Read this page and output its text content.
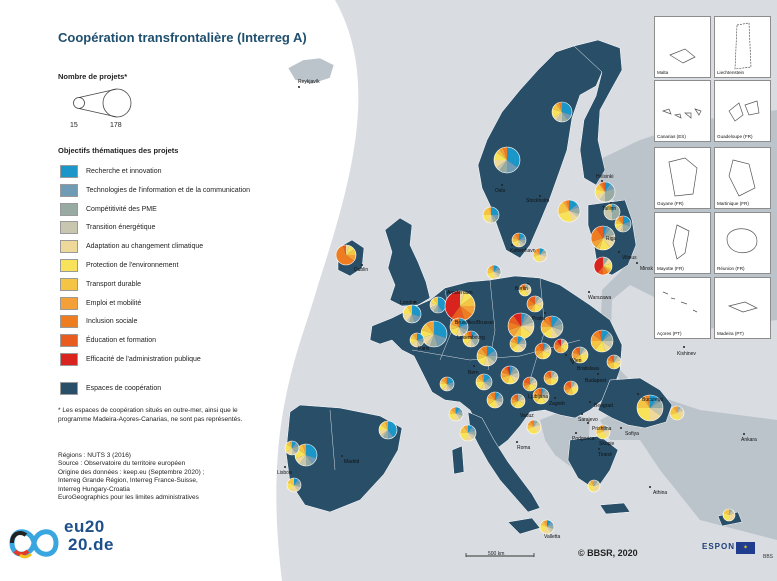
Coopération transfrontalière (Interreg A)
Nombre de projets*
15	178
Objectifs thématiques des projets
Recherche et innovation
Technologies de l'information et de la communication
Compétitivité des PME
Transition énergétique
Adaptation au changement climatique
Protection de l'environnement
Transport durable
Emploi et mobilité
Inclusion sociale
Éducation et formation
Efficacité de l'administration publique
Espaces de coopération
* Les espaces de coopération situés en outre-mer, ainsi que le programme Madeira-Açores-Canarias, ne sont pas représentés.
Régions : NUTS 3 (2016)
Source : Observatoire du territoire européen
Origine des données : keep.eu (Septembre 2020) ;
Interreg Grande Région, Interreg France-Suisse,
Interreg Hungary-Croatia
EuroGeographics pour les limites administratives
Reykjavík
Oslo
Stockholm
Helsinki
Tallinn
Riga
København
Vilnius
Minsk
Dublin
London
Amsterdam
Bruxelles/Brussel
Berlin
Warszawa
Paris
Luxembourg
Praha
Bern
Wien
Bratislava
Budapest
Ljubljana
Zagreb	Beograd
Sarajevo
Podgorica
Bucureşti
Sofiya
Skopje
Tiranë
Roma
Madrid
Lisboa
Valletta
Ankara
Athina
Kishinev
Prishtina
Vaduz
Malta	Liechtenstein
Canarias (ES)	Guadeloupe (FR)
Guyane (FR)	Martinique (FR)
Mayotte (FR)	Réunion (FR)
Açores (PT)	Madeira (PT)
500 km	© BBSR, 2020
ESPON	✶
BBS
eu20
20.de
